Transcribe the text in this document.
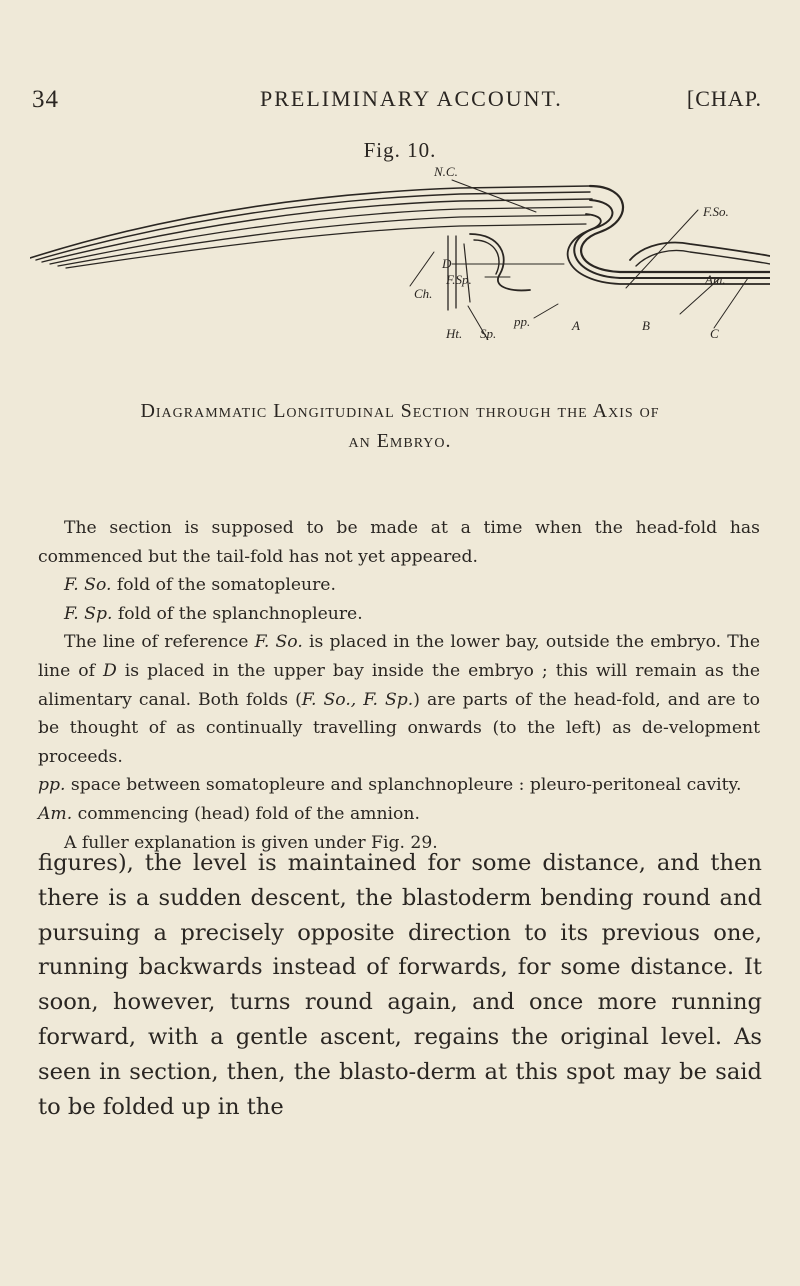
34	PRELIMINARY ACCOUNT.	[CHAP.
Fig. 10.
N.C.
F.So.
D
F.Sp.
Ch.
Am.
pp.	A	B
C
Ht. Sp.
Diagrammatic Longitudinal Section through the Axis of
an Embryo.

The section is supposed to be made at a time when the head-fold has commenced but the tail-fold has not yet appeared.

F. So. fold of the somatopleure.

F. Sp. fold of the splanchnopleure.

The line of reference F. So. is placed in the lower bay, outside the embryo. The line of D is placed in the upper bay inside the embryo ; this will remain as the alimentary canal. Both folds (F. So., F. Sp.) are parts of the head-fold, and are to be thought of as continually travelling onwards (to the left) as de-velopment proceeds.

pp. space between somatopleure and splanchnopleure : pleuro-peritoneal cavity.

Am. commencing (head) fold of the amnion.

A fuller explanation is given under Fig. 29.

figures), the level is maintained for some distance, and then there is a sudden descent, the blastoderm bending round and pursuing a precisely opposite direction to its previous one, running backwards instead of forwards, for some distance. It soon, however, turns round again, and once more running forward, with a gentle ascent, regains the original level. As seen in section, then, the blasto-derm at this spot may be said to be folded up in the
